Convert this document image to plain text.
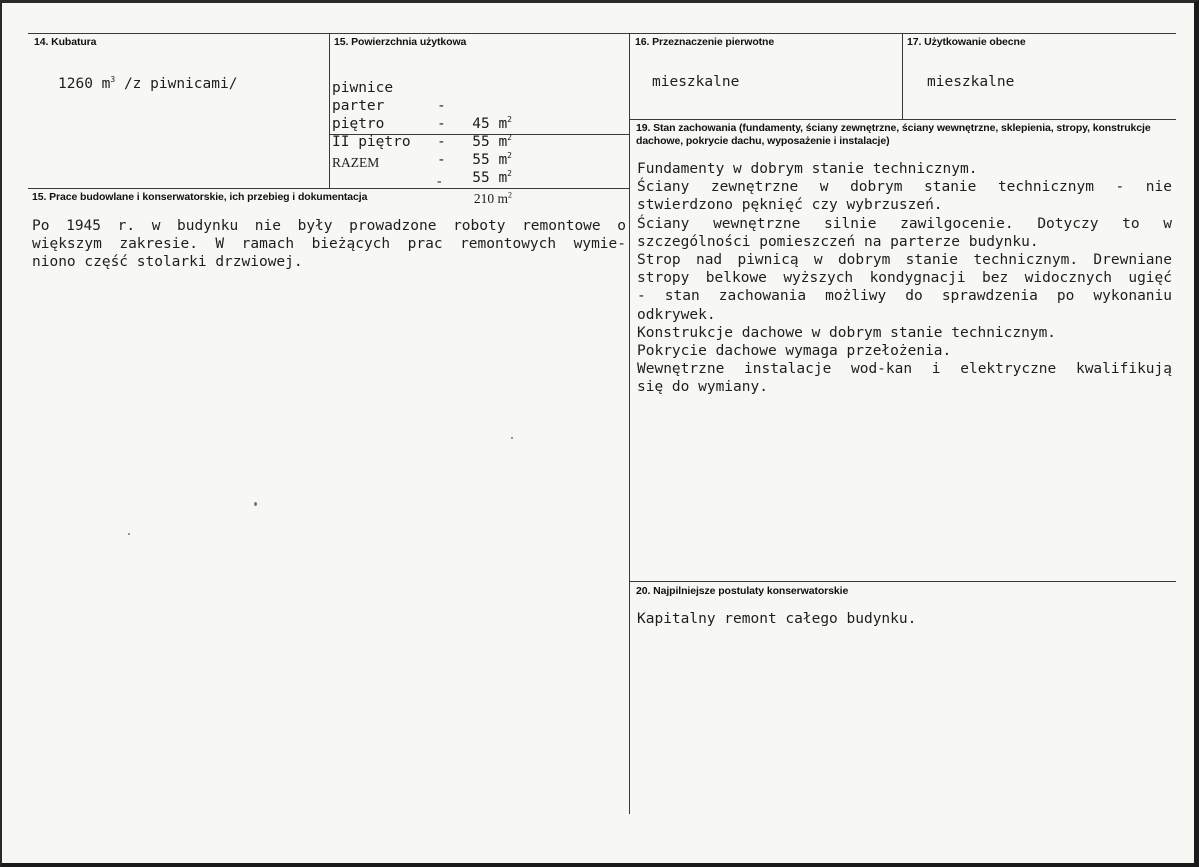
14. Kubatura
1260 $m^3$ /z piwnicami/
15. Powierzchnia użytkowa

piwnice

-

45 $m^2$

parter

-

55 $m^2$

piętro

-

55 $m^2$

II piętro

-

55 $m^2$

RAZEM

-

210 $m^2$

15. Prace budowlane i konserwatorskie, ich przebieg i dokumentacja
Po 1945 r. w budynku nie były prowadzone roboty remontowe o
większym zakresie. W ramach bieżących prac remontowych wymie-
niono część stolarki drzwiowej.
16. Przeznaczenie pierwotne
mieszkalne
17. Użytkowanie obecne
mieszkalne
19. Stan zachowania (fundamenty, ściany zewnętrzne, ściany wewnętrzne, sklepienia, stropy, konstrukcje dachowe, pokrycie dachu, wyposażenie i instalacje)
Fundamenty w dobrym stanie technicznym.
Ściany zewnętrzne w dobrym stanie technicznym - nie
stwierdzono pęknięć czy wybrzuszeń.
Ściany wewnętrzne silnie zawilgocenie. Dotyczy to w
szczególności pomieszczeń na parterze budynku.
Strop nad piwnicą w dobrym stanie technicznym. Drewniane
stropy belkowe wyższych kondygnacji bez widocznych ugięć
- stan zachowania możliwy do sprawdzenia po wykonaniu
odkrywek.
Konstrukcje dachowe w dobrym stanie technicznym.
Pokrycie dachowe wymaga przełożenia.
Wewnętrzne instalacje wod-kan i elektryczne kwalifikują
się do wymiany.
20. Najpilniejsze postulaty konserwatorskie
Kapitalny remont całego budynku.
